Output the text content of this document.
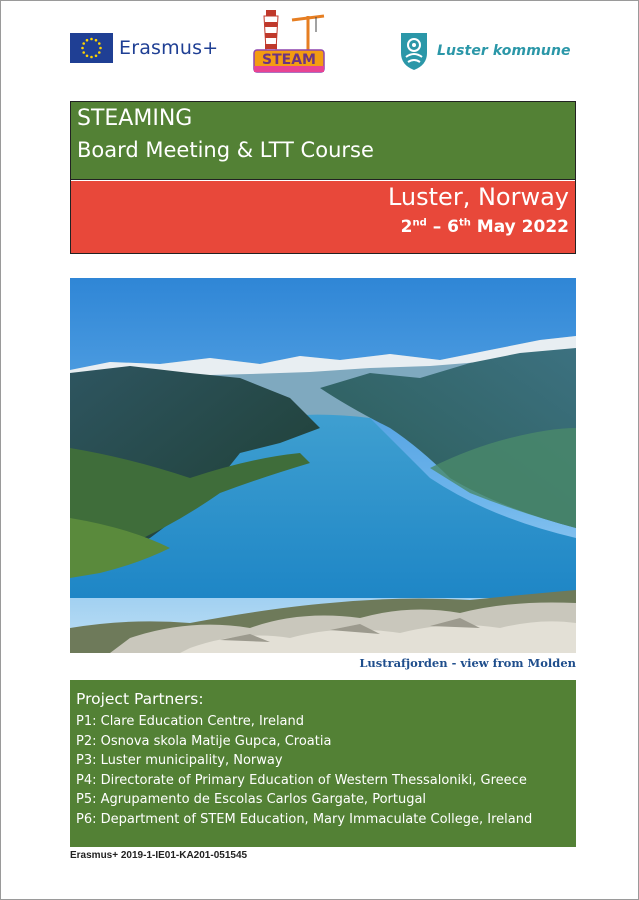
Erasmus+
STEAM
Luster kommune
STEAMING
Board Meeting & LTT Course
Luster, Norway
2nd – 6th May 2022
Lustrafjorden - view from Molden
Project Partners:
P1: Clare Education Centre, Ireland
P2: Osnova skola Matije Gupca, Croatia
P3: Luster municipality, Norway
P4: Directorate of Primary Education of Western Thessaloniki, Greece
P5: Agrupamento de Escolas Carlos Gargate, Portugal
P6: Department of STEM Education, Mary Immaculate College, Ireland
Erasmus+ 2019-1-IE01-KA201-051545
